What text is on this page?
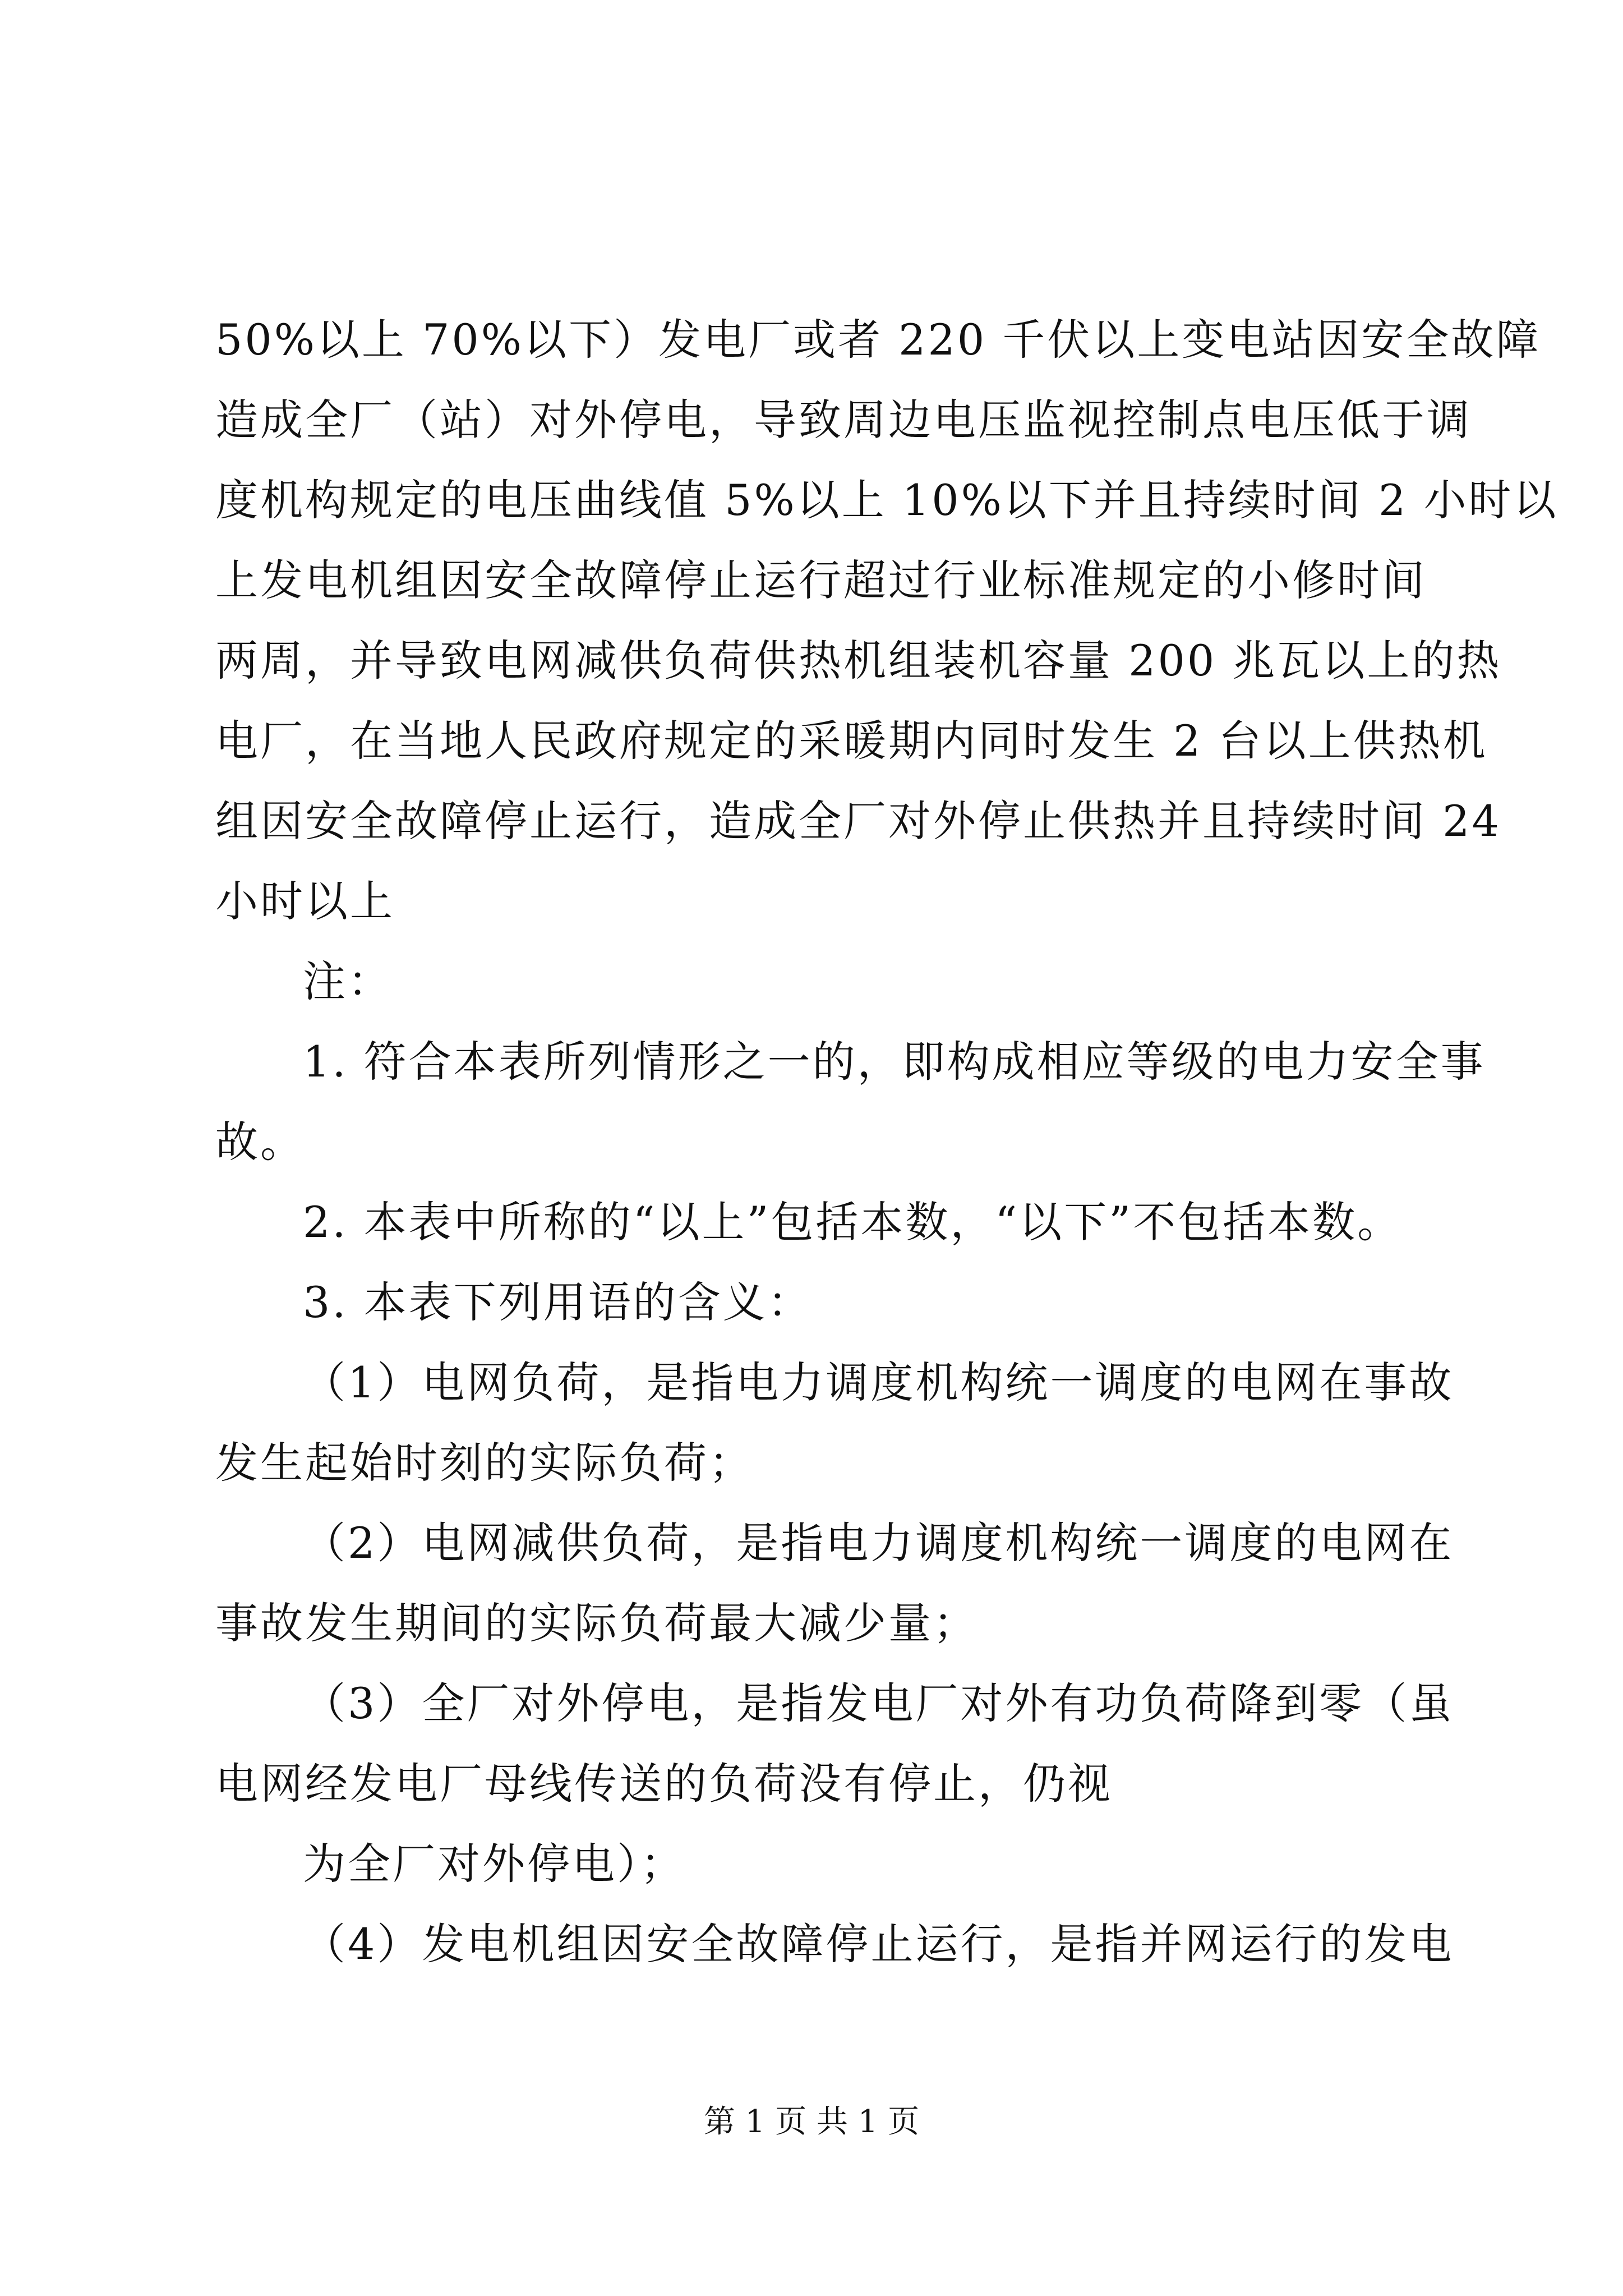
50%以上 70%以下）发电厂或者 220 千伏以上变电站因安全故障
造成全厂（站）对外停电，导致周边电压监视控制点电压低于调
度机构规定的电压曲线值 5%以上 10%以下并且持续时间 2 小时以
上发电机组因安全故障停止运行超过行业标准规定的小修时间
两周，并导致电网减供负荷供热机组装机容量 200 兆瓦以上的热
电厂，在当地人民政府规定的采暖期内同时发生 2 台以上供热机
组因安全故障停止运行，造成全厂对外停止供热并且持续时间 24
小时以上
注：
1. 符合本表所列情形之一的，即构成相应等级的电力安全事
故。
2. 本表中所称的“以上”包括本数，“以下”不包括本数。
3. 本表下列用语的含义：
（1）电网负荷，是指电力调度机构统一调度的电网在事故
发生起始时刻的实际负荷；
（2）电网减供负荷，是指电力调度机构统一调度的电网在
事故发生期间的实际负荷最大减少量；
（3）全厂对外停电，是指发电厂对外有功负荷降到零（虽
电网经发电厂母线传送的负荷没有停止，仍视
为全厂对外停电）；
（4）发电机组因安全故障停止运行，是指并网运行的发电
第 1 页 共 1 页
